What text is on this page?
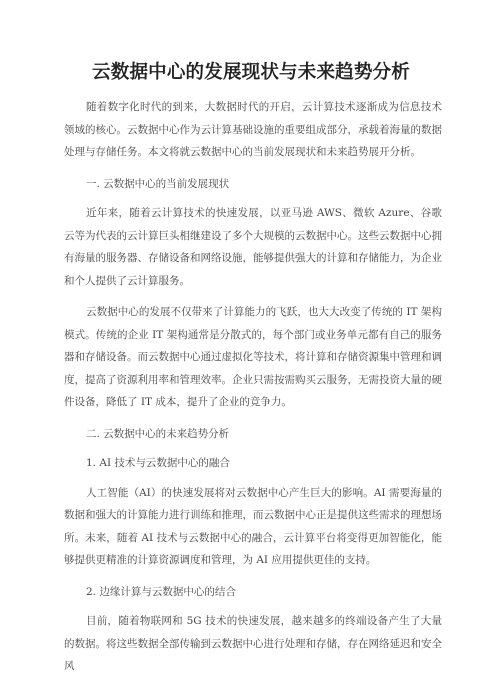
云数据中心的发展现状与未来趋势分析

随着数字化时代的到来，大数据时代的开启，云计算技术逐渐成为信息技术领域的核心。云数据中心作为云计算基础设施的重要组成部分，承载着海量的数据处理与存储任务。本文将就云数据中心的当前发展现状和未来趋势展开分析。

一. 云数据中心的当前发展现状

近年来，随着云计算技术的快速发展，以亚马逊 AWS、微软 Azure、谷歌云等为代表的云计算巨头相继建设了多个大规模的云数据中心。这些云数据中心拥有海量的服务器、存储设备和网络设施，能够提供强大的计算和存储能力，为企业和个人提供了云计算服务。

云数据中心的发展不仅带来了计算能力的飞跃，也大大改变了传统的 IT 架构模式。传统的企业 IT 架构通常是分散式的，每个部门或业务单元都有自己的服务器和存储设备。而云数据中心通过虚拟化等技术，将计算和存储资源集中管理和调度，提高了资源利用率和管理效率。企业只需按需购买云服务，无需投资大量的硬件设备，降低了 IT 成本，提升了企业的竞争力。

二. 云数据中心的未来趋势分析

1. AI 技术与云数据中心的融合

人工智能（AI）的快速发展将对云数据中心产生巨大的影响。AI 需要海量的数据和强大的计算能力进行训练和推理，而云数据中心正是提供这些需求的理想场所。未来，随着 AI 技术与云数据中心的融合，云计算平台将变得更加智能化，能够提供更精准的计算资源调度和管理，为 AI 应用提供更佳的支持。

2. 边缘计算与云数据中心的结合

目前，随着物联网和 5G 技术的快速发展，越来越多的终端设备产生了大量的数据。将这些数据全部传输到云数据中心进行处理和存储，存在网络延迟和安全风
